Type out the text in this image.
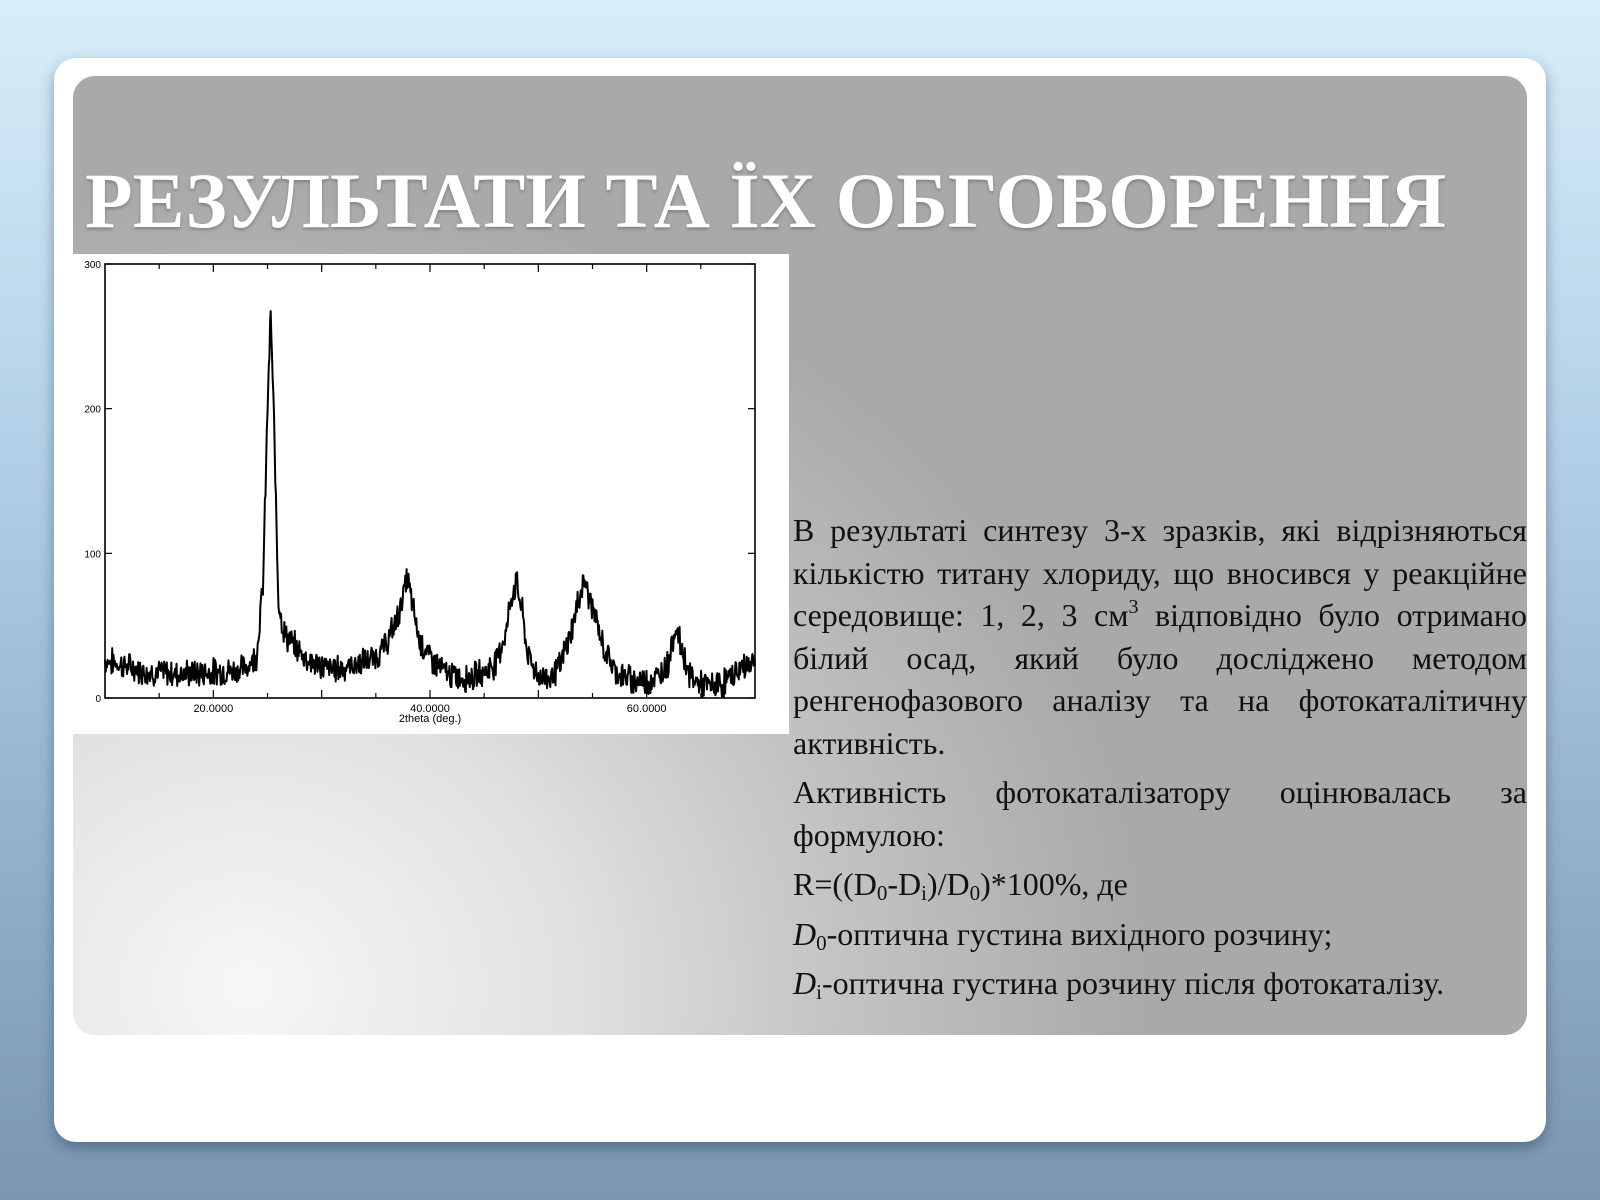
РЕЗУЛЬТАТИ ТА ЇХ ОБГОВОРЕННЯ
0
100
200
300
20.0000	40.0000	60.0000
2theta (deg.)

В результаті синтезу 3-х зразків, які відрізняються кількістю титану хлориду, що вносився у реакційне середовище: 1, 2, 3 $см^3$ відповідно було отримано білий осад, який було досліджено методом ренгенофазового аналізу та на фотокаталітичну активність.

Активність фотокаталізатору оцінювалась за формулою:

$R=((D_0-D_i)/D_0)*100\%$, де

$D_0$-оптична густина вихідного розчину;

$D_i$-оптична густина розчину після фотокаталізу.
